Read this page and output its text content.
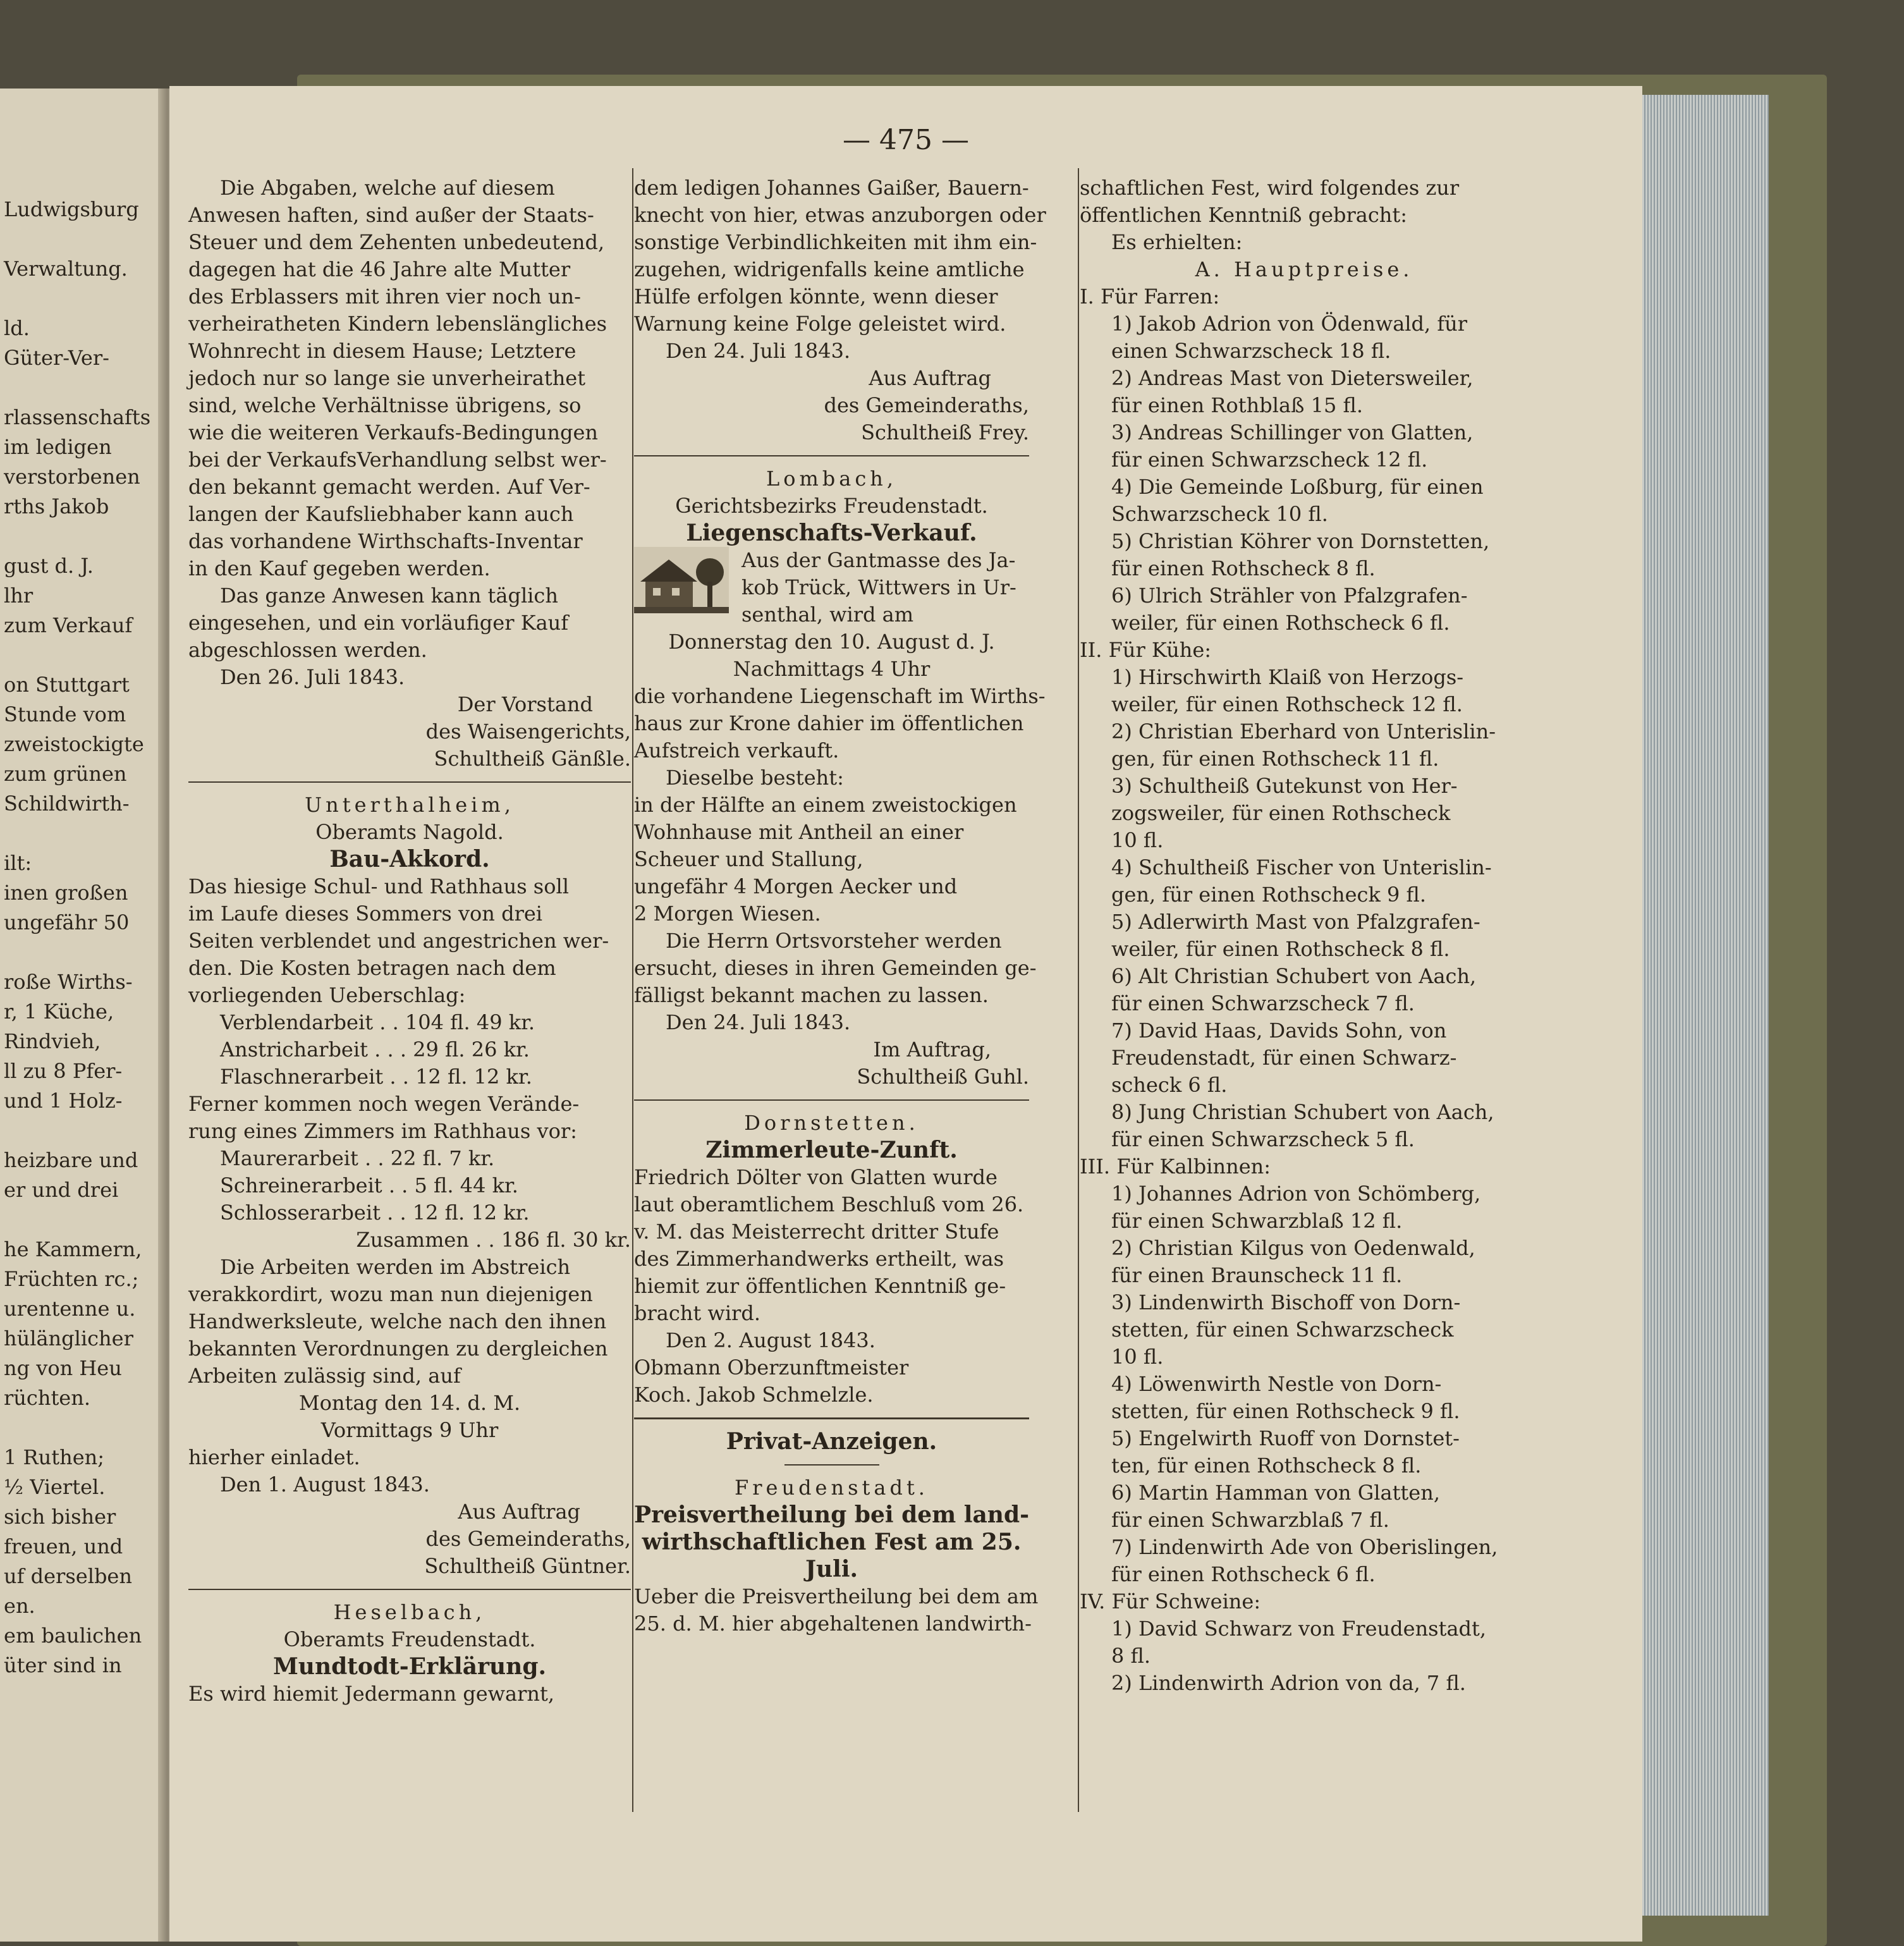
Ludwigsburg
Verwaltung.
ld.
Güter-Ver-
rlassenschafts
im ledigen
verstorbenen
rths Jakob
gust d. J.
lhr
zum Verkauf
on Stuttgart
Stunde vom
zweistockigte
zum grünen
Schildwirth-
ilt:
inen großen
ungefähr 50
roße Wirths-
r, 1 Küche,
Rindvieh,
ll zu 8 Pfer-
und 1 Holz-
heizbare und
er und drei
he Kammern,
Früchten rc.;
urentenne u.
hülänglicher
ng von Heu
rüchten.
1 Ruthen;
½ Viertel.
sich bisher
freuen, und
uf derselben
en.
em baulichen
üter sind in
— 475 —
Die Abgaben, welche auf diesem
Anwesen haften, sind außer der Staats-
Steuer und dem Zehenten unbedeutend,
dagegen hat die 46 Jahre alte Mutter
des Erblassers mit ihren vier noch un-
verheiratheten Kindern lebenslängliches
Wohnrecht in diesem Hause; Letztere
jedoch nur so lange sie unverheirathet
sind, welche Verhältnisse übrigens, so
wie die weiteren Verkaufs-Bedingungen
bei der VerkaufsVerhandlung selbst wer-
den bekannt gemacht werden. Auf Ver-
langen der Kaufsliebhaber kann auch
das vorhandene Wirthschafts-Inventar
in den Kauf gegeben werden.
Das ganze Anwesen kann täglich
eingesehen, und ein vorläufiger Kauf
abgeschlossen werden.
Den 26. Juli 1843.
Der Vorstand
des Waisengerichts,
Schultheiß Gänßle.
Unterthalheim,
Oberamts Nagold.
Bau-Akkord.
Das hiesige Schul- und Rathhaus soll
im Laufe dieses Sommers von drei
Seiten verblendet und angestrichen wer-
den. Die Kosten betragen nach dem
vorliegenden Ueberschlag:
Verblendarbeit . . 104 fl. 49 kr.
Anstricharbeit . . . 29 fl. 26 kr.
Flaschnerarbeit . . 12 fl. 12 kr.
Ferner kommen noch wegen Verände-
rung eines Zimmers im Rathhaus vor:
Maurerarbeit . . 22 fl. 7 kr.
Schreinerarbeit . . 5 fl. 44 kr.
Schlosserarbeit . . 12 fl. 12 kr.
Zusammen . . 186 fl. 30 kr.
Die Arbeiten werden im Abstreich
verakkordirt, wozu man nun diejenigen
Handwerksleute, welche nach den ihnen
bekannten Verordnungen zu dergleichen
Arbeiten zulässig sind, auf
Montag den 14. d. M.
Vormittags 9 Uhr
hierher einladet.
Den 1. August 1843.
Aus Auftrag
des Gemeinderaths,
Schultheiß Güntner.
Heselbach,
Oberamts Freudenstadt.
Mundtodt-Erklärung.
Es wird hiemit Jedermann gewarnt,
dem ledigen Johannes Gaißer, Bauern-
knecht von hier, etwas anzuborgen oder
sonstige Verbindlichkeiten mit ihm ein-
zugehen, widrigenfalls keine amtliche
Hülfe erfolgen könnte, wenn dieser
Warnung keine Folge geleistet wird.
Den 24. Juli 1843.
Aus Auftrag
des Gemeinderaths,
Schultheiß Frey.
Lombach,
Gerichtsbezirks Freudenstadt.
Liegenschafts-Verkauf.
Aus der Gantmasse des Ja-
kob Trück, Wittwers in Ur-
senthal, wird am
Donnerstag den 10. August d. J.
Nachmittags 4 Uhr
die vorhandene Liegenschaft im Wirths-
haus zur Krone dahier im öffentlichen
Aufstreich verkauft.
Dieselbe besteht:
in der Hälfte an einem zweistockigen
Wohnhause mit Antheil an einer
Scheuer und Stallung,
ungefähr 4 Morgen Aecker und
2 Morgen Wiesen.
Die Herrn Ortsvorsteher werden
ersucht, dieses in ihren Gemeinden ge-
fälligst bekannt machen zu lassen.
Den 24. Juli 1843.
Im Auftrag,
Schultheiß Guhl.
Dornstetten.
Zimmerleute-Zunft.
Friedrich Dölter von Glatten wurde
laut oberamtlichem Beschluß vom 26.
v. M. das Meisterrecht dritter Stufe
des Zimmerhandwerks ertheilt, was
hiemit zur öffentlichen Kenntniß ge-
bracht wird.
Den 2. August 1843.
Obmann Oberzunftmeister
Koch. Jakob Schmelzle.
Privat-Anzeigen.
Freudenstadt.
Preisvertheilung bei dem land-
wirthschaftlichen Fest am 25.
Juli.
Ueber die Preisvertheilung bei dem am
25. d. M. hier abgehaltenen landwirth-
schaftlichen Fest, wird folgendes zur
öffentlichen Kenntniß gebracht:
Es erhielten:
A. Hauptpreise.
I. Für Farren:
1) Jakob Adrion von Ödenwald, für
einen Schwarzscheck 18 fl.
2) Andreas Mast von Dietersweiler,
für einen Rothblaß 15 fl.
3) Andreas Schillinger von Glatten,
für einen Schwarzscheck 12 fl.
4) Die Gemeinde Loßburg, für einen
Schwarzscheck 10 fl.
5) Christian Köhrer von Dornstetten,
für einen Rothscheck 8 fl.
6) Ulrich Strähler von Pfalzgrafen-
weiler, für einen Rothscheck 6 fl.
II. Für Kühe:
1) Hirschwirth Klaiß von Herzogs-
weiler, für einen Rothscheck 12 fl.
2) Christian Eberhard von Unterislin-
gen, für einen Rothscheck 11 fl.
3) Schultheiß Gutekunst von Her-
zogsweiler, für einen Rothscheck
10 fl.
4) Schultheiß Fischer von Unterislin-
gen, für einen Rothscheck 9 fl.
5) Adlerwirth Mast von Pfalzgrafen-
weiler, für einen Rothscheck 8 fl.
6) Alt Christian Schubert von Aach,
für einen Schwarzscheck 7 fl.
7) David Haas, Davids Sohn, von
Freudenstadt, für einen Schwarz-
scheck 6 fl.
8) Jung Christian Schubert von Aach,
für einen Schwarzscheck 5 fl.
III. Für Kalbinnen:
1) Johannes Adrion von Schömberg,
für einen Schwarzblaß 12 fl.
2) Christian Kilgus von Oedenwald,
für einen Braunscheck 11 fl.
3) Lindenwirth Bischoff von Dorn-
stetten, für einen Schwarzscheck
10 fl.
4) Löwenwirth Nestle von Dorn-
stetten, für einen Rothscheck 9 fl.
5) Engelwirth Ruoff von Dornstet-
ten, für einen Rothscheck 8 fl.
6) Martin Hamman von Glatten,
für einen Schwarzblaß 7 fl.
7) Lindenwirth Ade von Oberislingen,
für einen Rothscheck 6 fl.
IV. Für Schweine:
1) David Schwarz von Freudenstadt,
8 fl.
2) Lindenwirth Adrion von da, 7 fl.
